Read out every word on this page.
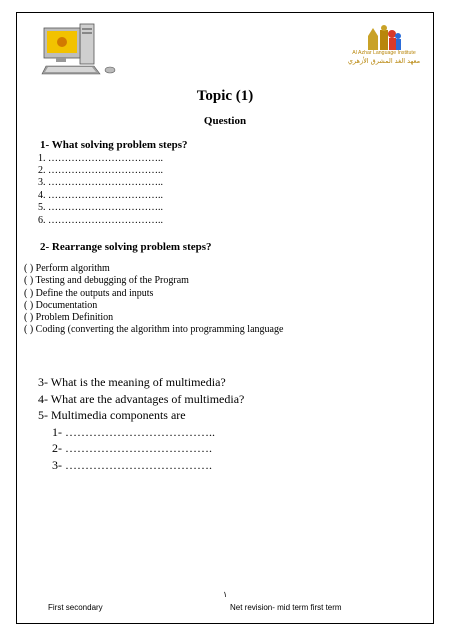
Al Azhar Language Institute
معهد الغد المشرق الأزهري
Topic (1)
Question
1- What solving problem steps?
1. ……………………………..
2. ……………………………..
3. ……………………………..
4. ……………………………..
5. ……………………………..
6. ……………………………..
2- Rearrange solving problem steps?
( ) Perform algorithm
( ) Testing and debugging of the Program
( ) Define the outputs and inputs
( ) Documentation
( ) Problem Definition
( ) Coding (converting the algorithm into programming language
3- What is the meaning of multimedia?
4- What are the advantages of multimedia?
5- Multimedia components are
1- ………………………………..
2- ……………………………….
3- ……………………………….
۱
First secondary	Net revision- mid term first term
